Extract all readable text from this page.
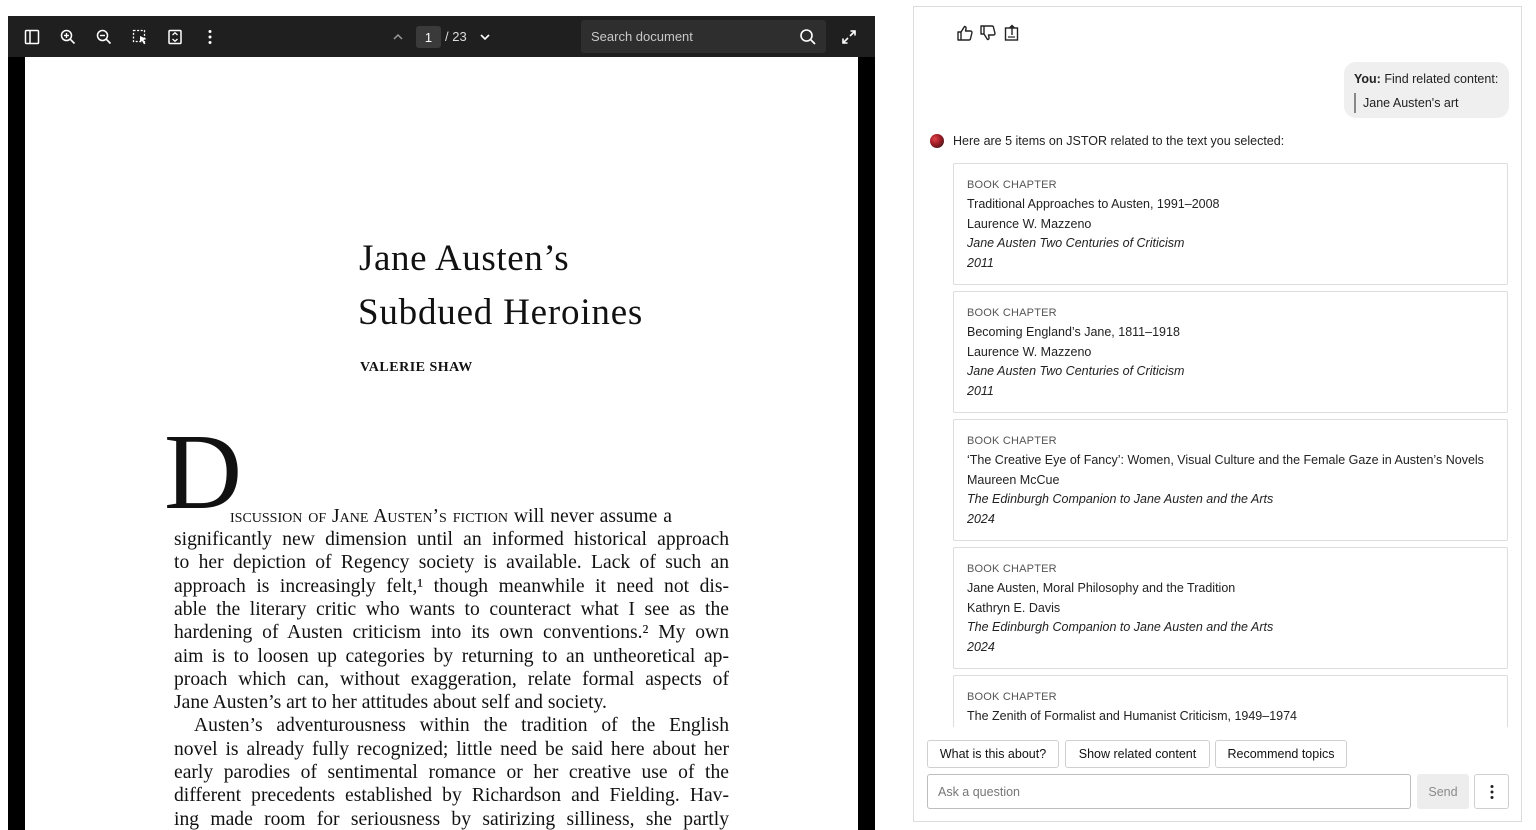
1 / 23
Search document
Jane Austen’s
Subdued Heroines
VALERIE SHAW
D
iscussion of Jane Austen’s fiction will never assume a
significantly new dimension until an informed historical approach
to her depiction of Regency society is available. Lack of such an
approach is increasingly felt,¹ though meanwhile it need not dis-
able the literary critic who wants to counteract what I see as the
hardening of Austen criticism into its own conventions.² My own
aim is to loosen up categories by returning to an untheoretical ap-
proach which can, without exaggeration, relate formal aspects of
Jane Austen’s art to her attitudes about self and society.
Austen’s adventurousness within the tradition of the English
novel is already fully recognized; little need be said here about her
early parodies of sentimental romance or her creative use of the
different precedents established by Richardson and Fielding. Hav-
ing made room for seriousness by satirizing silliness, she partly
You: Find related content:
Jane Austen's art
Here are 5 items on JSTOR related to the text you selected:
BOOK CHAPTER
Traditional Approaches to Austen, 1991–2008
Laurence W. Mazzeno
Jane Austen Two Centuries of Criticism
2011
BOOK CHAPTER
Becoming England’s Jane, 1811–1918
Laurence W. Mazzeno
Jane Austen Two Centuries of Criticism
2011
BOOK CHAPTER
‘The Creative Eye of Fancy’: Women, Visual Culture and the Female Gaze in Austen’s Novels
Maureen McCue
The Edinburgh Companion to Jane Austen and the Arts
2024
BOOK CHAPTER
Jane Austen, Moral Philosophy and the Tradition
Kathryn E. Davis
The Edinburgh Companion to Jane Austen and the Arts
2024
BOOK CHAPTER
The Zenith of Formalist and Humanist Criticism, 1949–1974
What is this about?	Show related content	Recommend topics
Ask a question
Send
